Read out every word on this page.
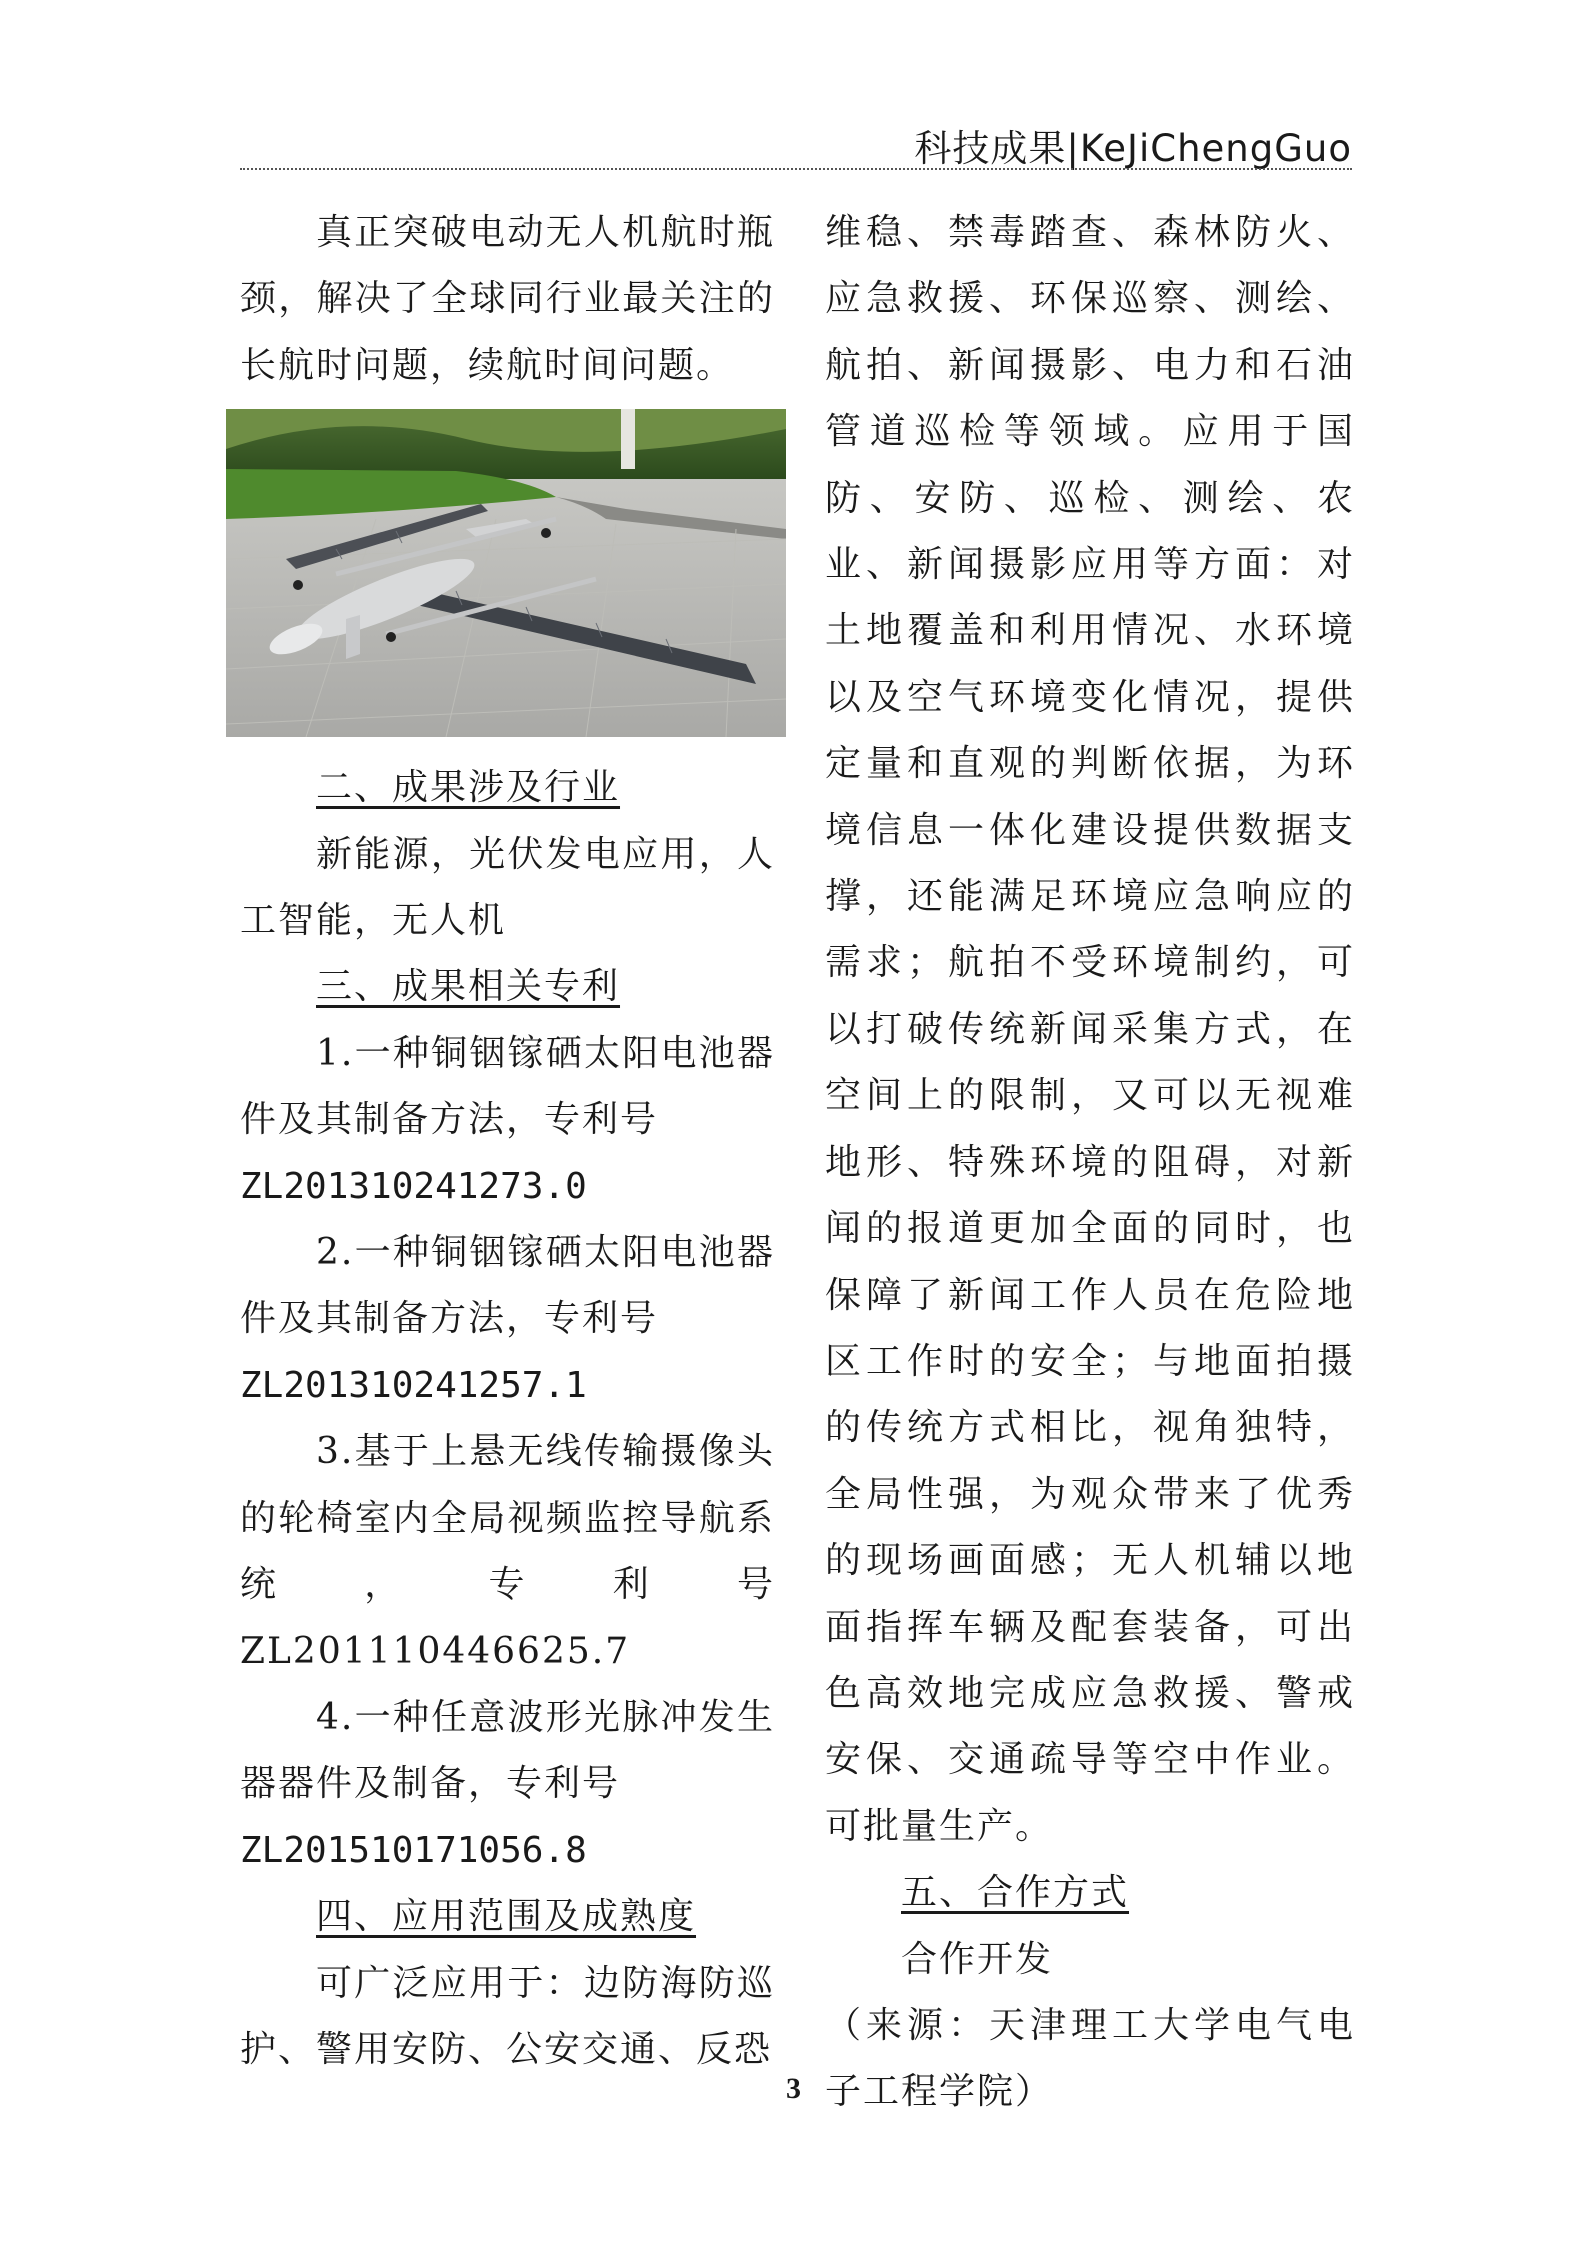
科技成果|KeJiChengGuo

真正突破电动无人机航时瓶颈，解决了全球同行业最关注的长航时问题，续航时间问题。

二、成果涉及行业

新能源，光伏发电应用，人工智能，无人机

三、成果相关专利

1.一种铜铟镓硒太阳电池器件及其制备方法，专利号
ZL201310241273.0

2.一种铜铟镓硒太阳电池器件及其制备方法，专利号
ZL201310241257.1

3.基于上悬无线传输摄像头的轮椅室内全局视频监控导航系统，专利号 ZL201110446625.7

4.一种任意波形光脉冲发生器器件及制备，专利号
ZL201510171056.8

四、应用范围及成熟度

可广泛应用于：边防海防巡护、警用安防、公安交通、反恐

维稳、禁毒踏查、森林防火、应急救援、环保巡察、测绘、航拍、新闻摄影、电力和石油管道巡检等领域。应用于国防、安防、巡检、测绘、农业、新闻摄影应用等方面：对土地覆盖和利用情况、水环境以及空气环境变化情况，提供定量和直观的判断依据，为环境信息一体化建设提供数据支撑，还能满足环境应急响应的需求；航拍不受环境制约，可以打破传统新闻采集方式，在空间上的限制，又可以无视难地形、特殊环境的阻碍，对新闻的报道更加全面的同时，也保障了新闻工作人员在危险地区工作时的安全；与地面拍摄的传统方式相比，视角独特，全局性强，为观众带来了优秀的现场画面感；无人机辅以地面指挥车辆及配套装备，可出色高效地完成应急救援、警戒安保、交通疏导等空中作业。可批量生产。

五、合作方式

合作开发

（来源：天津理工大学电气电子工程学院）

3
